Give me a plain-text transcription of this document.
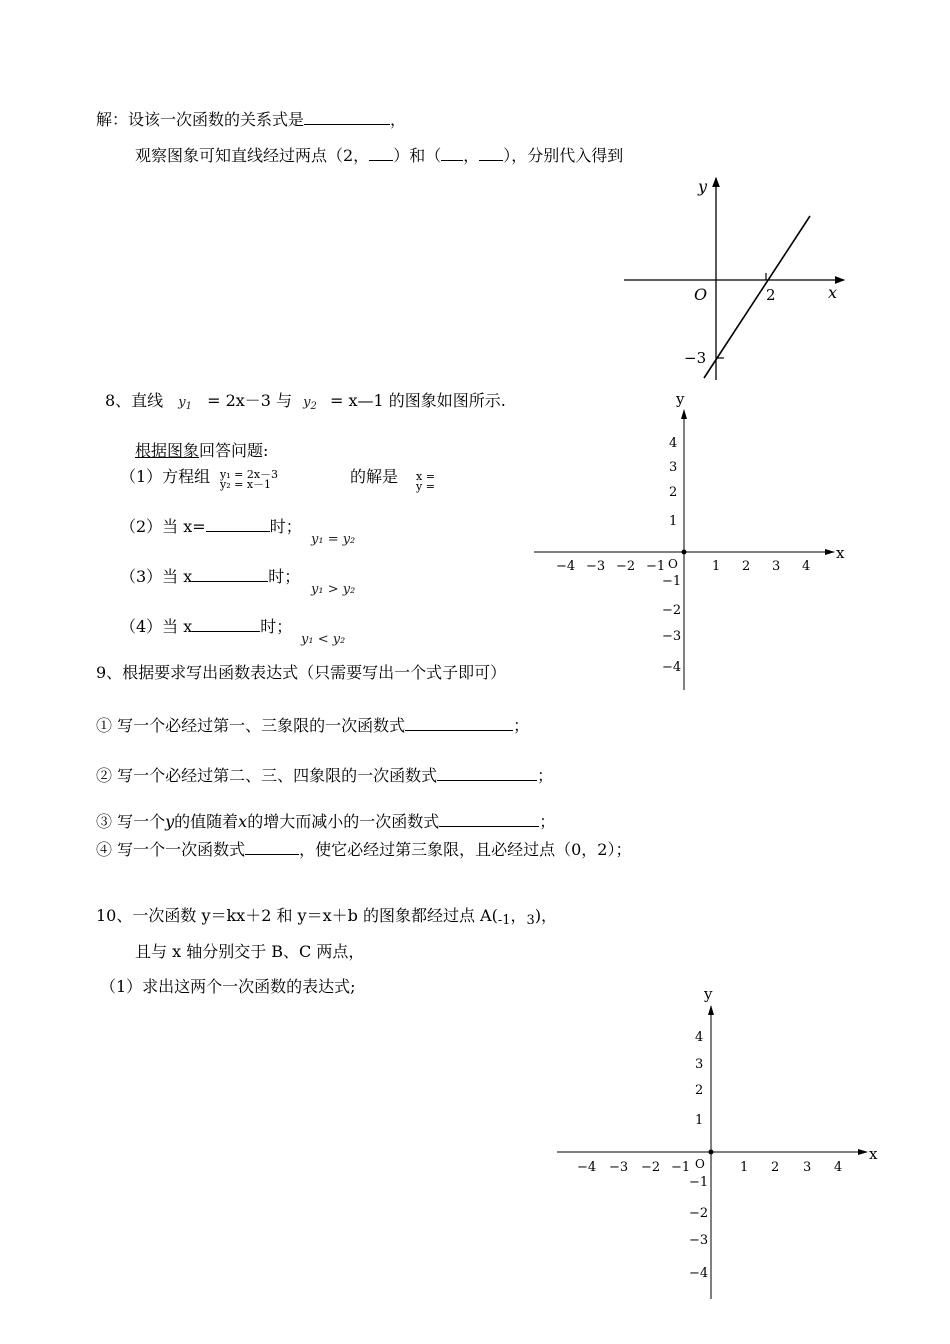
解：设该一次函数的关系式是	，
观察图象可知直线经过两点（2， ）和（ ， ），分别代入得到
y
x
O	2
−3
8、直线 $y_1 = 2x-3$ 与 $y_2$ = x—1 的图象如图所示.
根据图象回答问题:
（1）方程组 y₁ = 2x－3
y₂ = x－1	的解是 x =
y =
（2）当 x=	时；
y₁ = y₂
（3）当 x	时；
y₁ > y₂
（4）当 x	时；
y₁ < y₂
y
x
O
−4 −3 −2 −1	1 2 3 4
4
3
2
1
−1
−2
−3
−4
9、根据要求写出函数表达式（只需要写出一个式子即可）
① 写一个必经过第一、三象限的一次函数式	；
② 写一个必经过第二、三、四象限的一次函数式	；
③ 写一个y的值随着x的增大而减小的一次函数式	；
④ 写一个一次函数式	，使它必经过第三象限，且必经过点（0，2）；
10、一次函数 y＝kx＋2 和 y＝x＋b 的图象都经过点 A(-1，3)，
且与 x 轴分别交于 B、C 两点，
（1）求出这两个一次函数的表达式;	y
x
O
−4 −3 −2 −1	1 2 3 4
4
3
2
1
−1
−2
−3
−4
